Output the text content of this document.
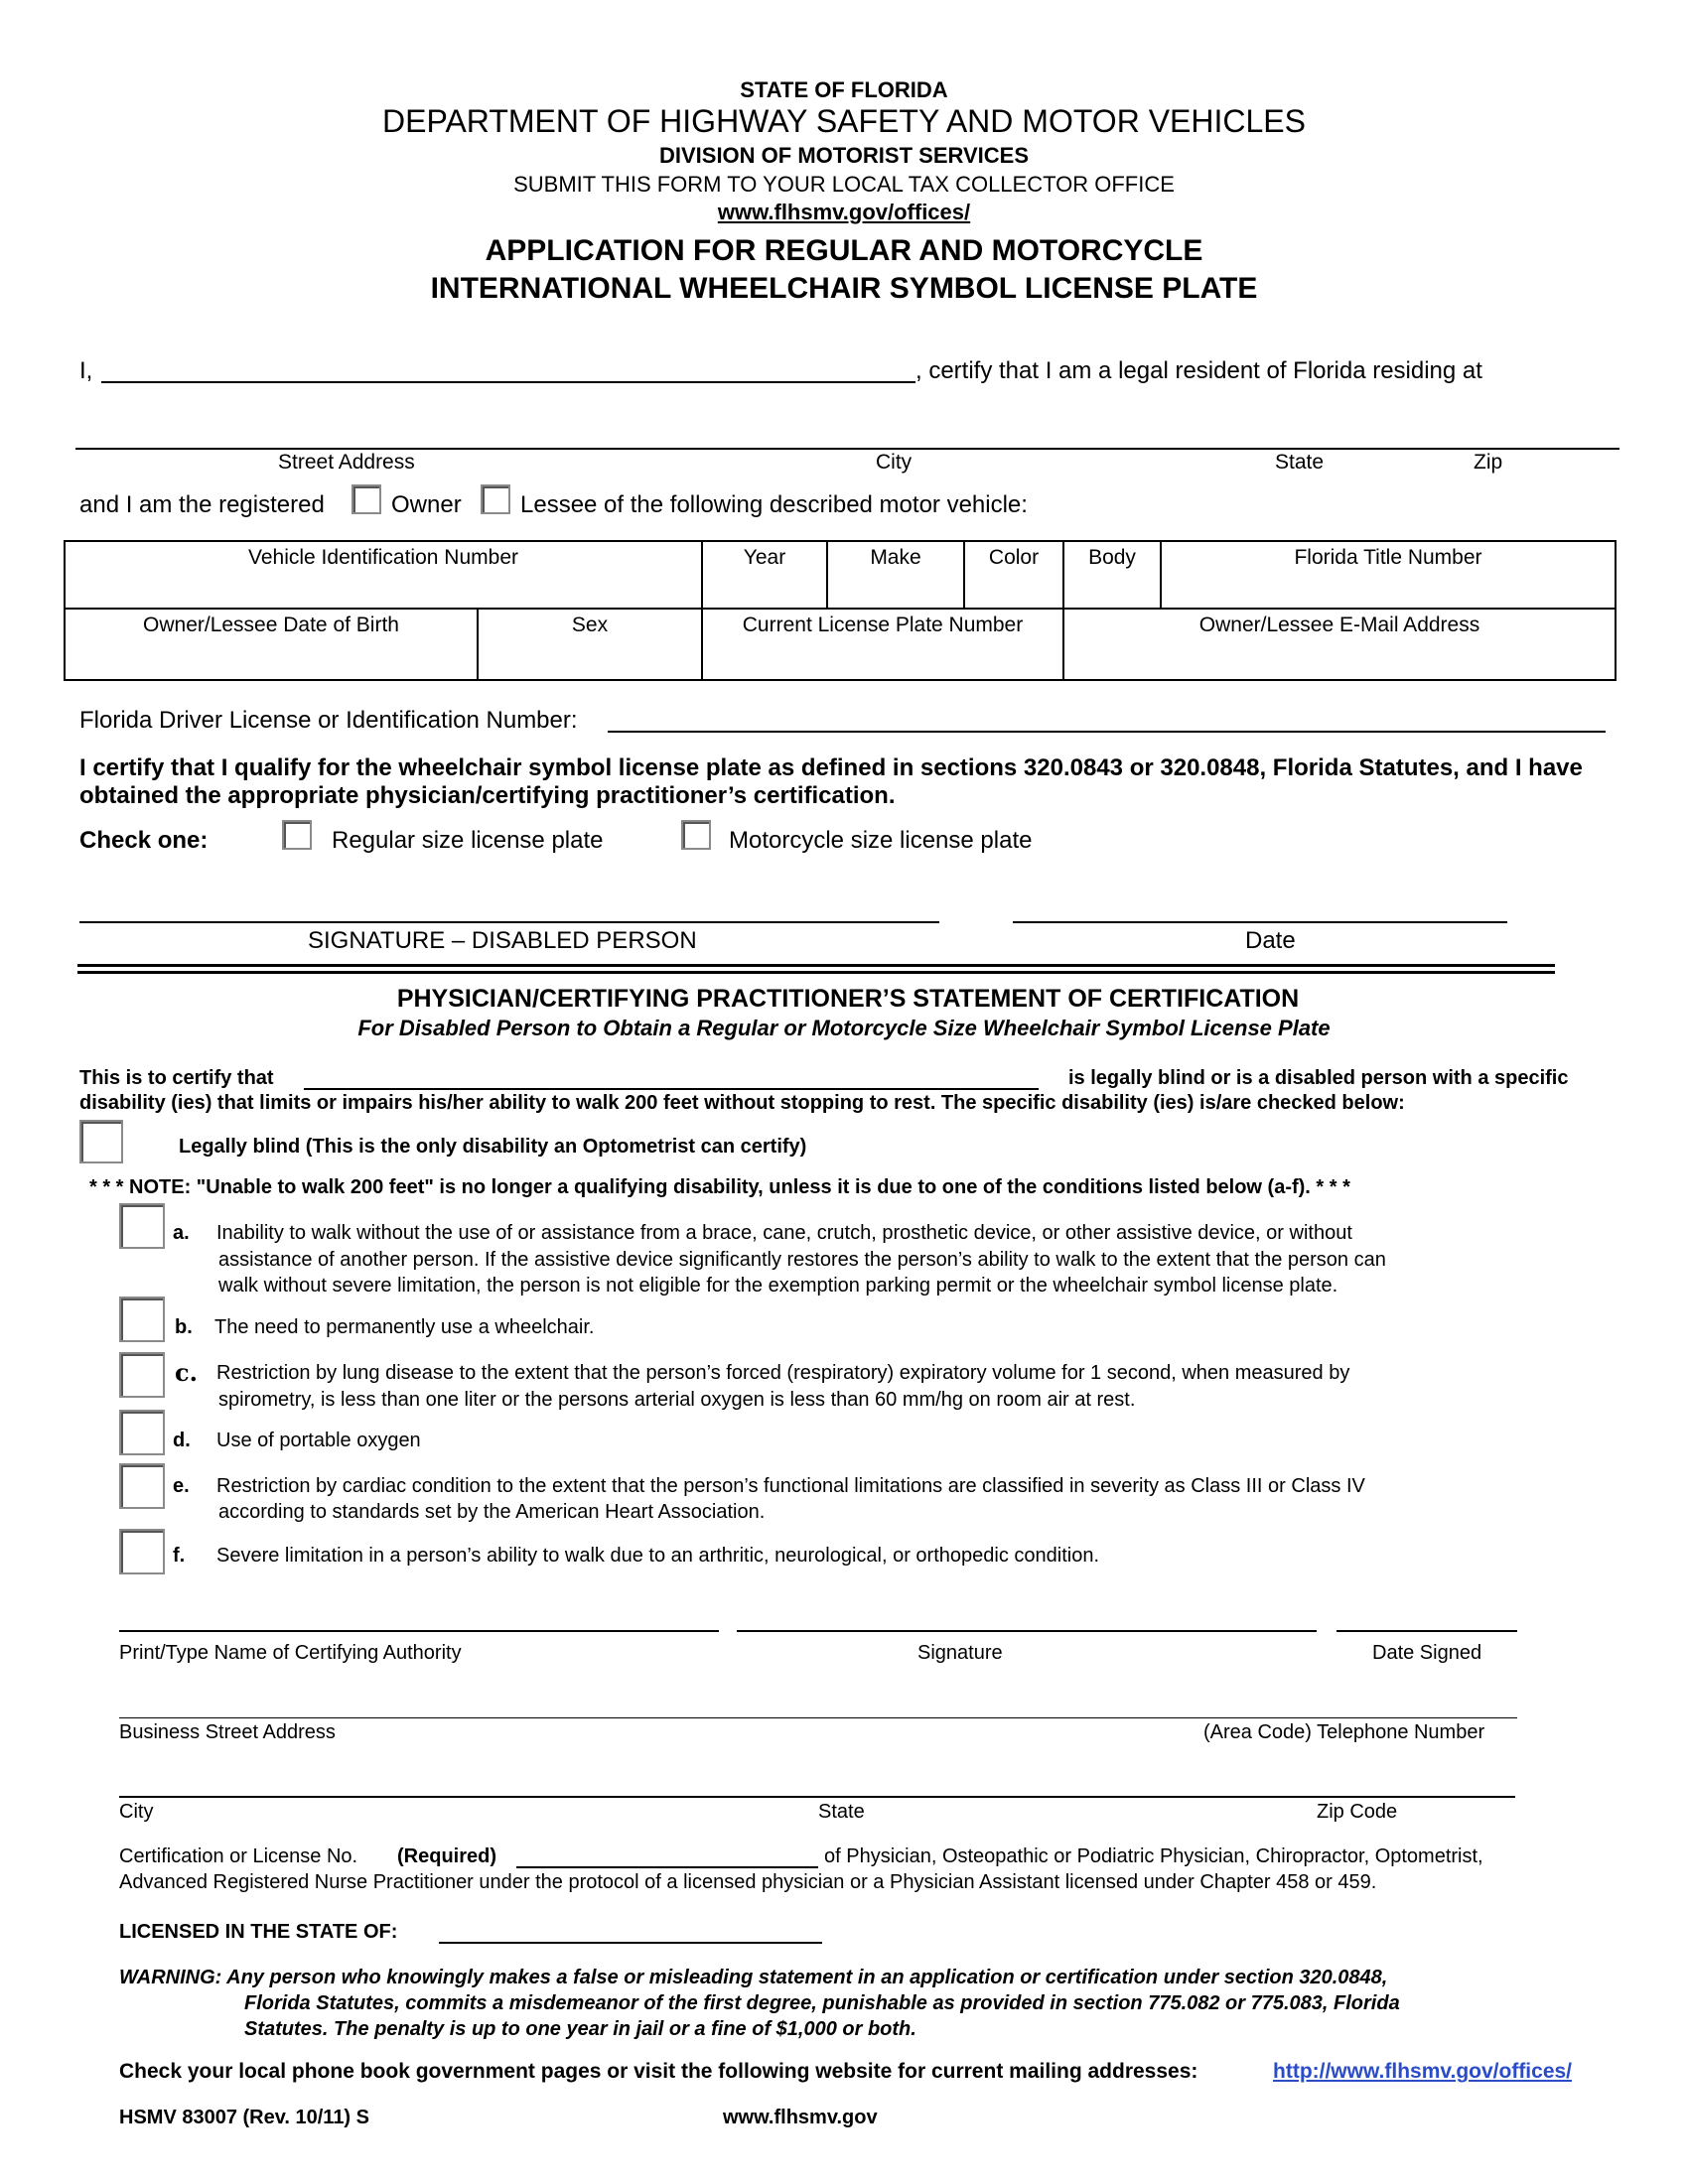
STATE OF FLORIDA
DEPARTMENT OF HIGHWAY SAFETY AND MOTOR VEHICLES
DIVISION OF MOTORIST SERVICES
SUBMIT THIS FORM TO YOUR LOCAL TAX COLLECTOR OFFICE
www.flhsmv.gov/offices/
APPLICATION FOR REGULAR AND MOTORCYCLE
INTERNATIONAL WHEELCHAIR SYMBOL LICENSE PLATE
I,	, certify that I am a legal resident of Florida residing at
Street Address	City	State	Zip
and I am the registered	Owner Lessee of the following described motor vehicle:
Vehicle Identification Number		Year	Make	Color	Body	Florida Title Number
Owner/Lessee Date of Birth	Sex	Current License Plate Number			Owner/Lessee E-Mail Address	
Florida Driver License or Identification Number:
I certify that I qualify for the wheelchair symbol license plate as defined in sections 320.0843 or 320.0848, Florida Statutes, and I have obtained the appropriate physician/certifying practitioner’s certification.
Check one:	Regular size license plate	Motorcycle size license plate
SIGNATURE – DISABLED PERSON	Date
PHYSICIAN/CERTIFYING PRACTITIONER’S STATEMENT OF CERTIFICATION
For Disabled Person to Obtain a Regular or Motorcycle Size Wheelchair Symbol License Plate
This is to certify that	is legally blind or is a disabled person with a specific
disability (ies) that limits or impairs his/her ability to walk 200 feet without stopping to rest. The specific disability (ies) is/are checked below:
Legally blind (This is the only disability an Optometrist can certify)
* * * NOTE: "Unable to walk 200 feet" is no longer a qualifying disability, unless it is due to one of the conditions listed below (a-f). * * *
a. Inability to walk without the use of or assistance from a brace, cane, crutch, prosthetic device, or other assistive device, or without
assistance of another person. If the assistive device significantly restores the person’s ability to walk to the extent that the person can
walk without severe limitation, the person is not eligible for the exemption parking permit or the wheelchair symbol license plate.
b. The need to permanently use a wheelchair.
c. Restriction by lung disease to the extent that the person’s forced (respiratory) expiratory volume for 1 second, when measured by
spirometry, is less than one liter or the persons arterial oxygen is less than 60 mm/hg on room air at rest.
d. Use of portable oxygen
e. Restriction by cardiac condition to the extent that the person’s functional limitations are classified in severity as Class III or Class IV
according to standards set by the American Heart Association.
f. Severe limitation in a person’s ability to walk due to an arthritic, neurological, or orthopedic condition.
Print/Type Name of Certifying Authority	Signature	Date Signed
Business Street Address	(Area Code) Telephone Number
City	State	Zip Code
Certification or License No. (Required)	of Physician, Osteopathic or Podiatric Physician, Chiropractor, Optometrist,
Advanced Registered Nurse Practitioner under the protocol of a licensed physician or a Physician Assistant licensed under Chapter 458 or 459.
LICENSED IN THE STATE OF:
WARNING: Any person who knowingly makes a false or misleading statement in an application or certification under section 320.0848,
Florida Statutes, commits a misdemeanor of the first degree, punishable as provided in section 775.082 or 775.083, Florida
Statutes. The penalty is up to one year in jail or a fine of $1,000 or both.
Check your local phone book government pages or visit the following website for current mailing addresses:	http://www.flhsmv.gov/offices/
HSMV 83007 (Rev. 10/11) S	www.flhsmv.gov
